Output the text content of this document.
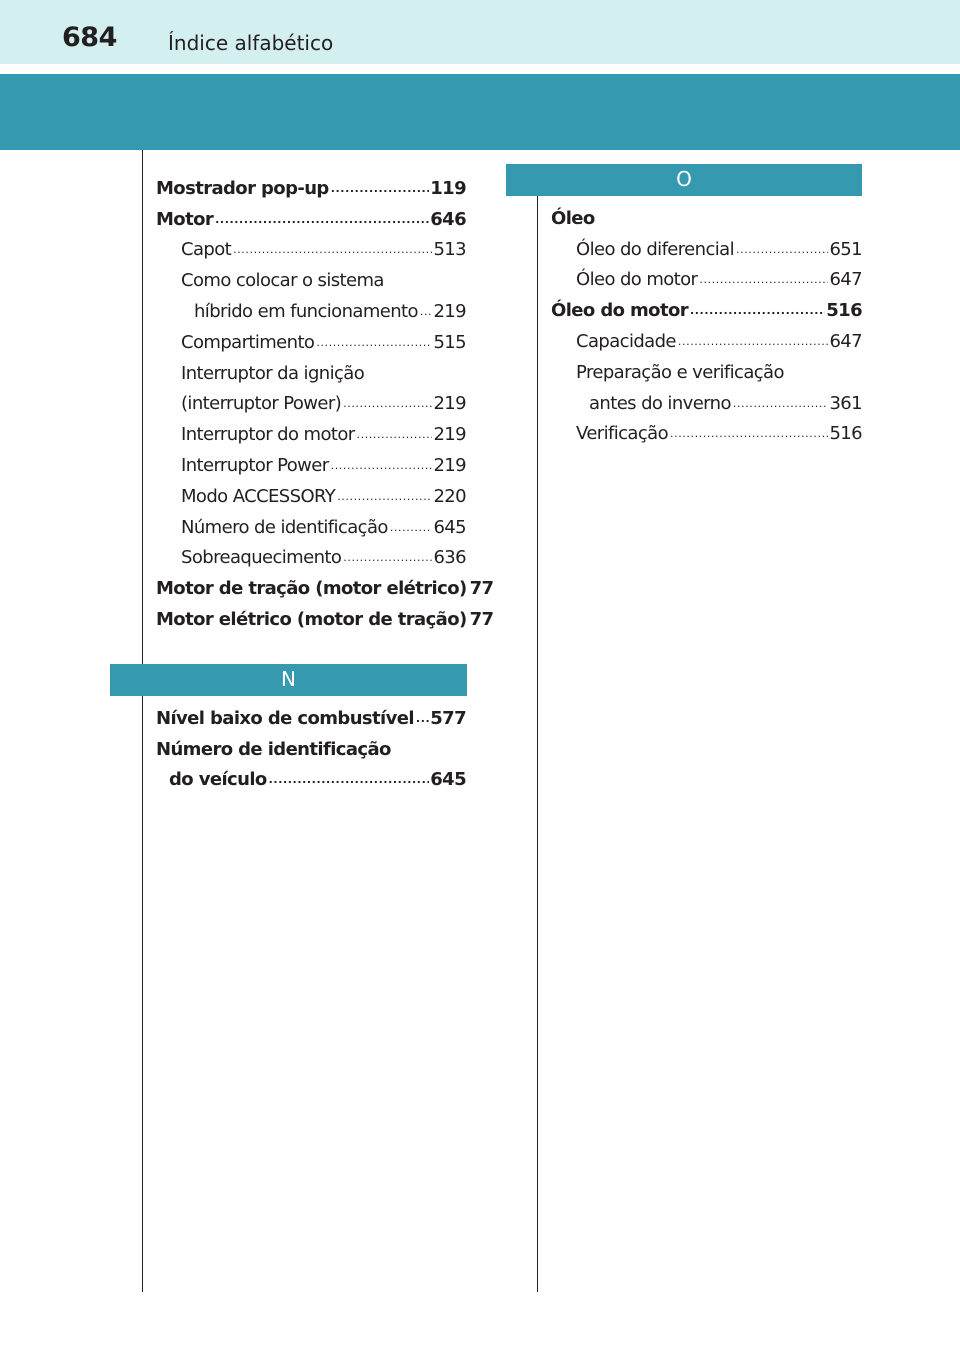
684	Índice alfabético
Mostrador pop-up .....	119
Motor .....	646
Capot .....	513
Como colocar o sistema
híbrido em funcionamento ..... 219
Compartimento .....	515
Interruptor da ignição
(interruptor Power) .....	219
Interruptor do motor .....	219
Interruptor Power .....	219
Modo ACCESSORY .....	220
Número de identificação .....	645
Sobreaquecimento .....	636
Motor de tração (motor elétrico) 77
Motor elétrico (motor de tração) 77
N
Nível baixo de combustível ..... 577
Número de identificação
do veículo .....	645
O
Óleo
Óleo do diferencial .....	651
Óleo do motor .....	647
Óleo do motor .....	516
Capacidade .....	647
Preparação e verificação
antes do inverno .....	361
Verificação .....	516
